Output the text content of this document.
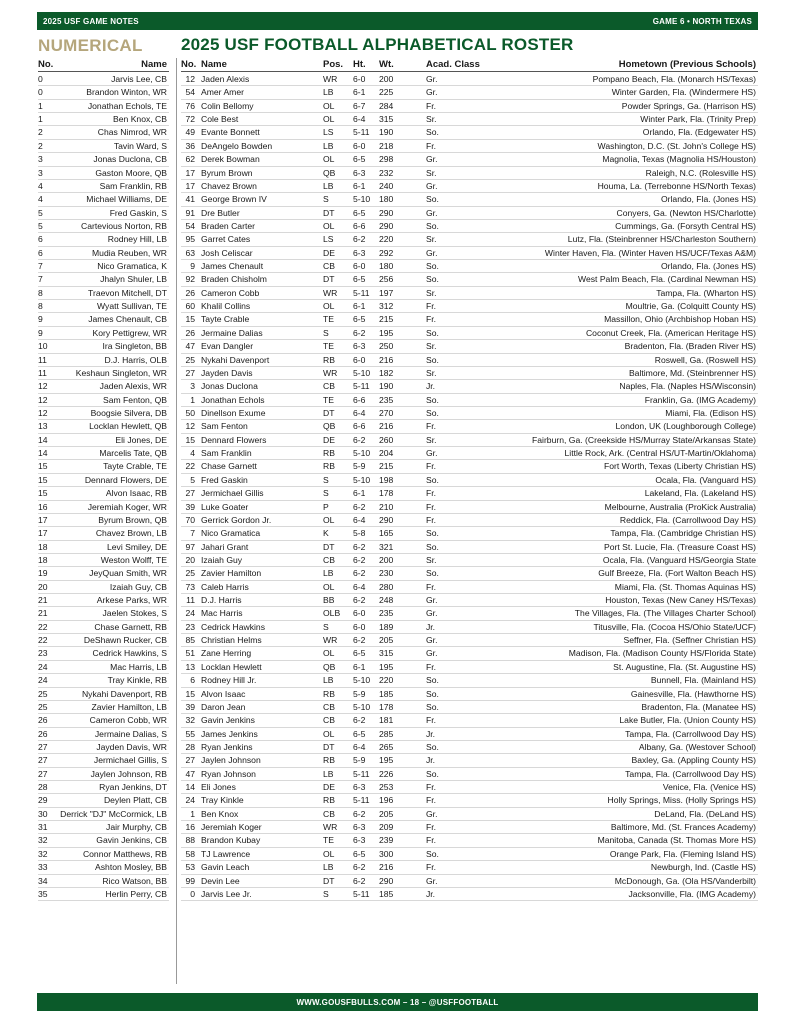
2025 USF GAME NOTES	GAME 6 • NORTH TEXAS
NUMERICAL 2025 USF FOOTBALL ALPHABETICAL ROSTER
No.	Name No. Name	Pos. Ht. Wt.	Acad. Class	Hometown (Previous Schools)
0	Jarvis Lee, CB
0	Brandon Winton, WR
1	Jonathan Echols, TE
1	Ben Knox, CB
2	Chas Nimrod, WR
2	Tavin Ward, S
3	Jonas Duclona, CB
3	Gaston Moore, QB
4	Sam Franklin, RB
4	Michael Williams, DE
5	Fred Gaskin, S
5	Cartevious Norton, RB
6	Rodney Hill, LB
6	Mudia Reuben, WR
7	Nico Gramatica, K
7	Jhalyn Shuler, LB
8	Traevon Mitchell, DT
8	Wyatt Sullivan, TE
9	James Chenault, CB
9	Kory Pettigrew, WR
10	Ira Singleton, BB
11	D.J. Harris, OLB
11	Keshaun Singleton, WR
12	Jaden Alexis, WR
12	Sam Fenton, QB
12	Boogsie Silvera, DB
13	Locklan Hewlett, QB
14	Eli Jones, DE
14	Marcelis Tate, QB
15	Tayte Crable, TE
15	Dennard Flowers, DE
15	Alvon Isaac, RB
16	Jeremiah Koger, WR
17	Byrum Brown, QB
17	Chavez Brown, LB
18	Levi Smiley, DE
18	Weston Wolff, TE
19	JeyQuan Smith, WR
20	Izaiah Guy, CB
21	Arkese Parks, WR
21	Jaelen Stokes, S
22	Chase Garnett, RB
22	DeShawn Rucker, CB
23	Cedrick Hawkins, S
24	Mac Harris, LB
24	Tray Kinkle, RB
25	Nykahi Davenport, RB
25	Zavier Hamilton, LB
26	Cameron Cobb, WR
26	Jermaine Dalias, S
27	Jayden Davis, WR
27	Jermichael Gillis, S
27	Jaylen Johnson, RB
28	Ryan Jenkins, DT
29	Deylen Platt, CB
30 Derrick "DJ" McCormick, LB
31	Jair Murphy, CB
32	Gavin Jenkins, CB
32	Connor Matthews, RB
33	Ashton Mosley, BB
34	Rico Watson, BB
35	Herlin Perry, CB
12 Jaden Alexis	WR 6-0 200	Gr.	Pompano Beach, Fla. (Monarch HS/Texas)
54 Amer Amer	LB 6-1 225	Gr.	Winter Garden, Fla. (Windermere HS)
76 Colin Bellomy	OL 6-7 284	Fr.	Powder Springs, Ga. (Harrison HS)
72 Cole Best	OL 6-4 315	Sr.	Winter Park, Fla. (Trinity Prep)
49 Evante Bonnett	LS 5-11 190	So.	Orlando, Fla. (Edgewater HS)
36 DeAngelo Bowden	LB 6-0 218	Fr.	Washington, D.C. (St. John's College HS)
62 Derek Bowman	OL 6-5 298	Gr.	Magnolia, Texas (Magnolia HS/Houston)
17 Byrum Brown	QB 6-3 232	Sr.	Raleigh, N.C. (Rolesville HS)
17 Chavez Brown	LB 6-1 240	Gr.	Houma, La. (Terrebonne HS/North Texas)
41 George Brown IV	S	5-10 180	So.	Orlando, Fla. (Jones HS)
91 Dre Butler	DT 6-5 290	Gr.	Conyers, Ga. (Newton HS/Charlotte)
54 Braden Carter	OL 6-6 290	So.	Cummings, Ga. (Forsyth Central HS)
95 Garret Cates	LS 6-2 220	Sr.	Lutz, Fla. (Steinbrenner HS/Charleston Southern)
63 Josh Celiscar	DE 6-3 292	Gr.	Winter Haven, Fla. (Winter Haven HS/UCF/Texas A&M)
9 James Chenault	CB 6-0 180	So.	Orlando, Fla. (Jones HS)
92 Braden Chisholm	DT 6-5 256	So.	West Palm Beach, Fla. (Cardinal Newman HS)
26 Cameron Cobb	WR 5-11 197	Sr.	Tampa, Fla. (Wharton HS)
60 Khalil Collins	OL 6-1 312	Fr.	Moultrie, Ga. (Colquitt County HS)
15 Tayte Crable	TE 6-5 215	Fr.	Massillon, Ohio (Archbishop Hoban HS)
26 Jermaine Dalias	S	6-2 195	So.	Coconut Creek, Fla. (American Heritage HS)
47 Evan Dangler	TE 6-3 250	Sr.	Bradenton, Fla. (Braden River HS)
25 Nykahi Davenport	RB 6-0 216	So.	Roswell, Ga. (Roswell HS)
27 Jayden Davis	WR 5-10 182	Sr.	Baltimore, Md. (Steinbrenner HS)
3 Jonas Duclona	CB 5-11 190	Jr.	Naples, Fla. (Naples HS/Wisconsin)
1 Jonathan Echols	TE 6-6 235	So.	Franklin, Ga. (IMG Academy)
50 Dinellson Exume	DT 6-4 270	So.	Miami, Fla. (Edison HS)
12 Sam Fenton	QB 6-6 216	Fr.	London, UK (Loughborough College)
15 Dennard Flowers	DE 6-2 260	Sr.	Fairburn, Ga. (Creekside HS/Murray State/Arkansas State)
4 Sam Franklin	RB 5-10 204	Gr.	Little Rock, Ark. (Central HS/UT-Martin/Oklahoma)
22 Chase Garnett	RB 5-9 215	Fr.	Fort Worth, Texas (Liberty Christian HS)
5 Fred Gaskin	S	5-10 198	So.	Ocala, Fla. (Vanguard HS)
27 Jermichael Gillis	S	6-1 178	Fr.	Lakeland, Fla. (Lakeland HS)
39 Luke Goater	P	6-2 210	Fr.	Melbourne, Australia (ProKick Australia)
70 Gerrick Gordon Jr.	OL 6-4 290	Fr.	Reddick, Fla. (Carrollwood Day HS)
7 Nico Gramatica	K	5-8 165	So.	Tampa, Fla. (Cambridge Christian HS)
97 Jahari Grant	DT 6-2 321	So.	Port St. Lucie, Fla. (Treasure Coast HS)
20 Izaiah Guy	CB 6-2 200	Sr.	Ocala, Fla. (Vanguard HS/Georgia State
25 Zavier Hamilton	LB 6-2 230	So.	Gulf Breeze, Fla. (Fort Walton Beach HS)
73 Caleb Harris	OL 6-4 280	Fr.	Miami, Fla. (St. Thomas Aquinas HS)
11 D.J. Harris	BB 6-2 248	Gr.	Houston, Texas (New Caney HS/Texas)
24 Mac Harris	OLB 6-0 235	Gr.	The Villages, Fla. (The Villages Charter School)
23 Cedrick Hawkins	S	6-0 189	Jr.	Titusville, Fla. (Cocoa HS/Ohio State/UCF)
85 Christian Helms	WR 6-2 205	Gr.	Seffner, Fla. (Seffner Christian HS)
51 Zane Herring	OL 6-5 315	Gr.	Madison, Fla. (Madison County HS/Florida State)
13 Locklan Hewlett	QB 6-1 195	Fr.	St. Augustine, Fla. (St. Augustine HS)
6 Rodney Hill Jr.	LB 5-10 220	So.	Bunnell, Fla. (Mainland HS)
15 Alvon Isaac	RB 5-9 185	So.	Gainesville, Fla. (Hawthorne HS)
39 Daron Jean	CB 5-10 178	So.	Bradenton, Fla. (Manatee HS)
32 Gavin Jenkins	CB 6-2 181	Fr.	Lake Butler, Fla. (Union County HS)
55 James Jenkins	OL 6-5 285	Jr.	Tampa, Fla. (Carrollwood Day HS)
28 Ryan Jenkins	DT 6-4 265	So.	Albany, Ga. (Westover School)
27 Jaylen Johnson	RB 5-9 195	Jr.	Baxley, Ga. (Appling County HS)
47 Ryan Johnson	LB 5-11 226	So.	Tampa, Fla. (Carrollwood Day HS)
14 Eli Jones	DE 6-3 253	Fr.	Venice, Fla. (Venice HS)
24 Tray Kinkle	RB 5-11 196	Fr.	Holly Springs, Miss. (Holly Springs HS)
1 Ben Knox	CB 6-2 205	Gr.	DeLand, Fla. (DeLand HS)
16 Jeremiah Koger	WR 6-3 209	Fr.	Baltimore, Md. (St. Frances Academy)
88 Brandon Kubay	TE 6-3 239	Fr.	Manitoba, Canada (St. Thomas More HS)
58 TJ Lawrence	OL 6-5 300	So.	Orange Park, Fla. (Fleming Island HS)
53 Gavin Leach	LB 6-2 216	Fr.	Newburgh, Ind. (Castle HS)
99 Devin Lee	DT 6-2 290	Gr.	McDonough, Ga. (Ola HS/Vanderbilt)
0 Jarvis Lee Jr.	S	5-11 185	Jr.	Jacksonville, Fla. (IMG Academy)
WWW.GOUSFBULLS.COM – 18 – @USFFOOTBALL
